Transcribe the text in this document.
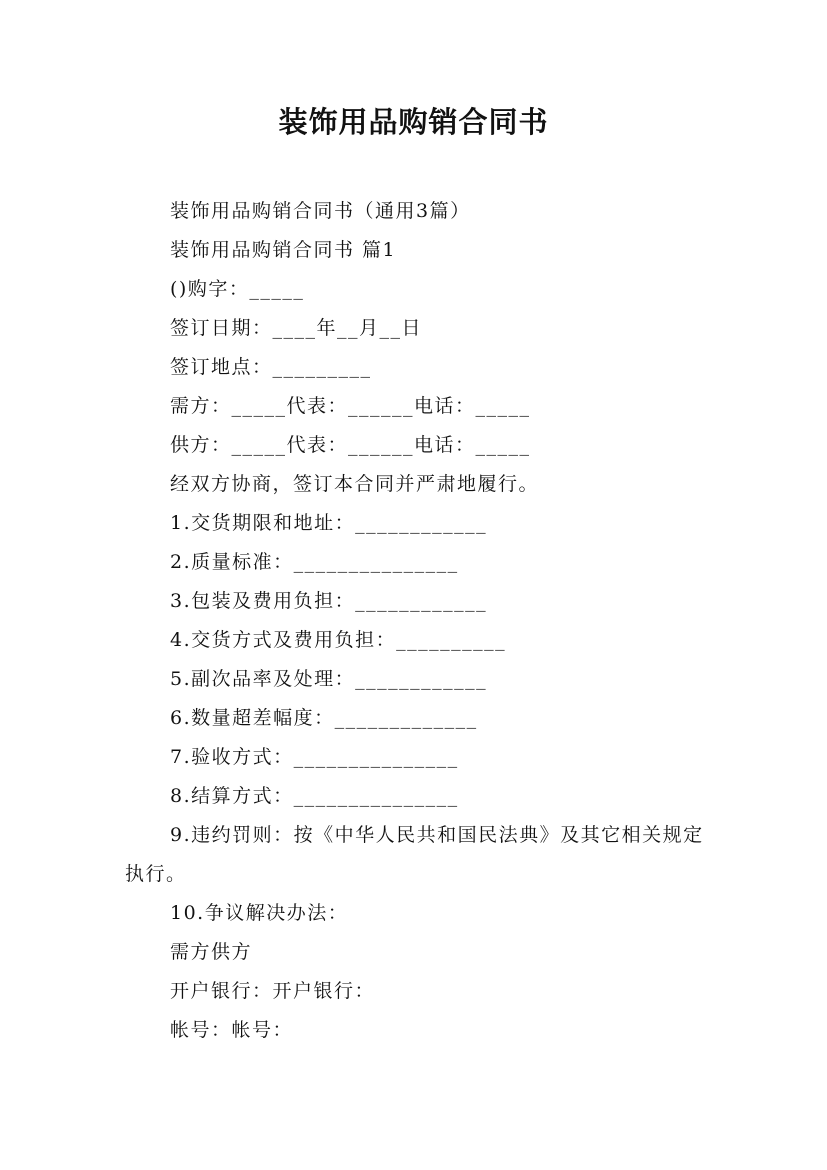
装饰用品购销合同书

装饰用品购销合同书（通用3篇）

装饰用品购销合同书 篇1

()购字：_____

签订日期：____年__月__日

签订地点：_________

需方：_____代表：______电话：_____

供方：_____代表：______电话：_____

经双方协商，签订本合同并严肃地履行。

1.交货期限和地址：____________

2.质量标准：_______________

3.包装及费用负担：____________

4.交货方式及费用负担：__________

5.副次品率及处理：____________

6.数量超差幅度：_____________

7.验收方式：_______________

8.结算方式：_______________

9.违约罚则：按《中华人民共和国民法典》及其它相关规定执行。

10.争议解决办法：

需方供方

开户银行：开户银行：

帐号：帐号：
